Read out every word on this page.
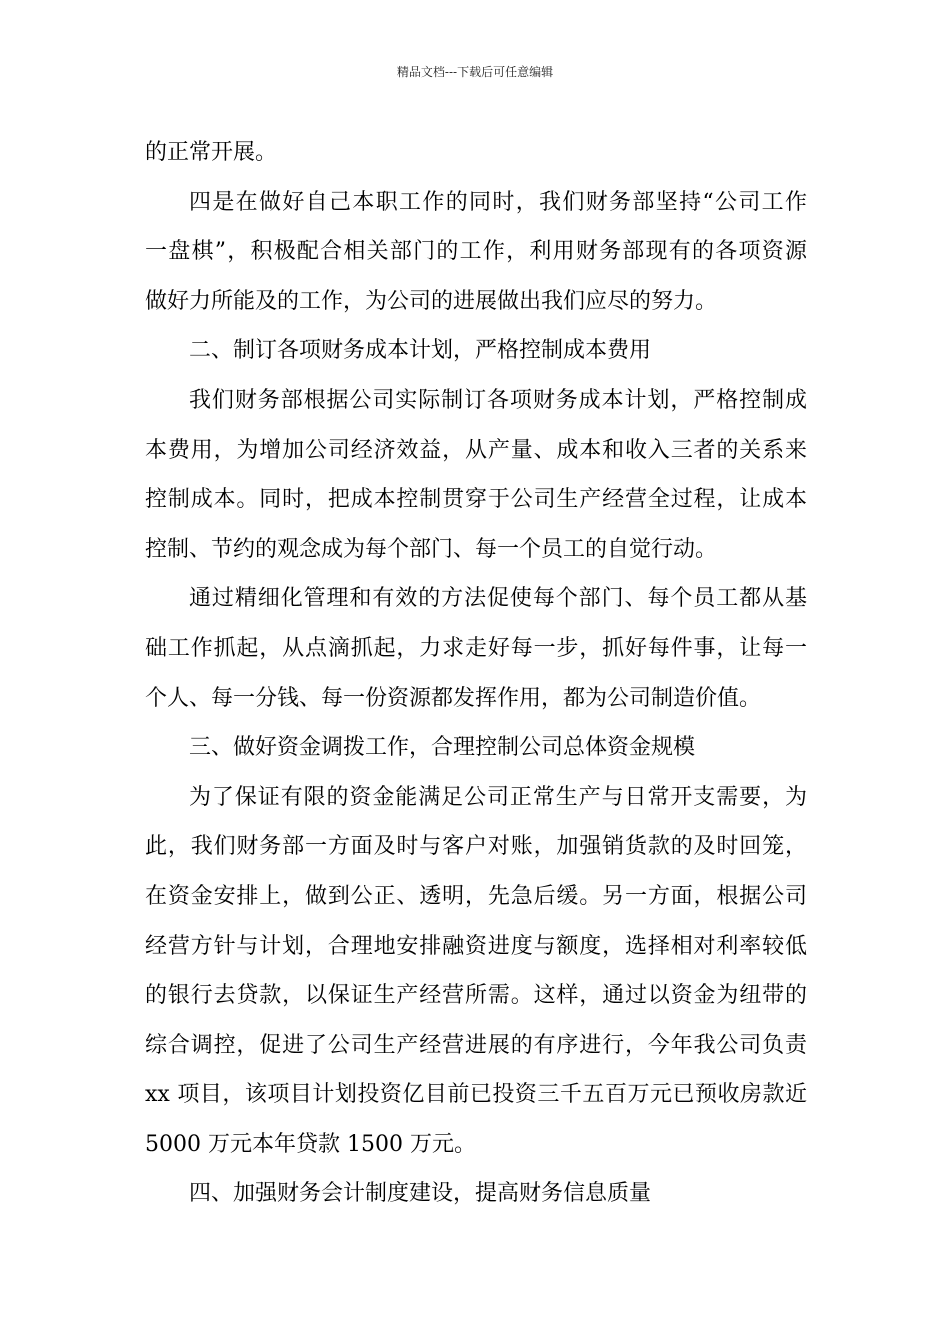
精品文档---下载后可任意编辑
的正常开展。
四是在做好自己本职工作的同时，我们财务部坚持“公司工作
一盘棋”，积极配合相关部门的工作，利用财务部现有的各项资源
做好力所能及的工作，为公司的进展做出我们应尽的努力。
二、制订各项财务成本计划，严格控制成本费用
我们财务部根据公司实际制订各项财务成本计划，严格控制成
本费用，为增加公司经济效益，从产量、成本和收入三者的关系来
控制成本。同时，把成本控制贯穿于公司生产经营全过程，让成本
控制、节约的观念成为每个部门、每一个员工的自觉行动。
通过精细化管理和有效的方法促使每个部门、每个员工都从基
础工作抓起，从点滴抓起，力求走好每一步，抓好每件事，让每一
个人、每一分钱、每一份资源都发挥作用，都为公司制造价值。
三、做好资金调拨工作，合理控制公司总体资金规模
为了保证有限的资金能满足公司正常生产与日常开支需要，为
此，我们财务部一方面及时与客户对账，加强销货款的及时回笼，
在资金安排上，做到公正、透明，先急后缓。另一方面，根据公司
经营方针与计划，合理地安排融资进度与额度，选择相对利率较低
的银行去贷款，以保证生产经营所需。这样，通过以资金为纽带的
综合调控，促进了公司生产经营进展的有序进行，今年我公司负责
xx 项目，该项目计划投资亿目前已投资三千五百万元已预收房款近
5000 万元本年贷款 1500 万元。
四、加强财务会计制度建设，提高财务信息质量
